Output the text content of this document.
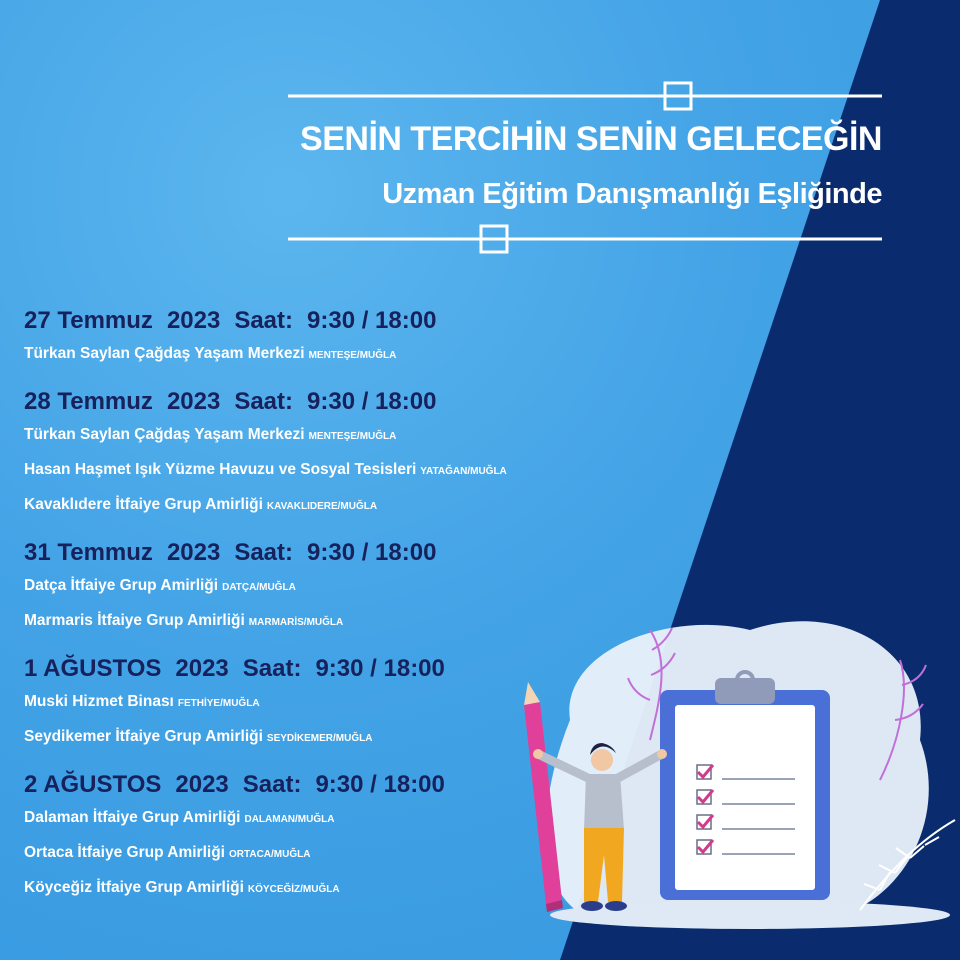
SENİN TERCİHİN SENİN GELECEĞİN
Uzman Eğitim Danışmanlığı Eşliğinde
27 Temmuz 2023 Saat: 9:30 / 18:00
Türkan Saylan Çağdaş Yaşam Merkezi MENTEŞE/MUĞLA
28 Temmuz 2023 Saat: 9:30 / 18:00
Türkan Saylan Çağdaş Yaşam Merkezi MENTEŞE/MUĞLA
Hasan Haşmet Işık Yüzme Havuzu ve Sosyal Tesisleri YATAĞAN/MUĞLA
Kavaklıdere İtfaiye Grup Amirliği KAVAKLIDERE/MUĞLA
31 Temmuz 2023 Saat: 9:30 / 18:00
Datça İtfaiye Grup Amirliği DATÇA/MUĞLA
Marmaris İtfaiye Grup Amirliği MARMARİS/MUĞLA
1 AĞUSTOS 2023 Saat: 9:30 / 18:00
Muski Hizmet Binası FETHİYE/MUĞLA
Seydikemer İtfaiye Grup Amirliği SEYDİKEMER/MUĞLA
2 AĞUSTOS 2023 Saat: 9:30 / 18:00
Dalaman İtfaiye Grup Amirliği DALAMAN/MUĞLA
Ortaca İtfaiye Grup Amirliği ORTACA/MUĞLA
Köyceğiz İtfaiye Grup Amirliği KÖYCEĞİZ/MUĞLA
